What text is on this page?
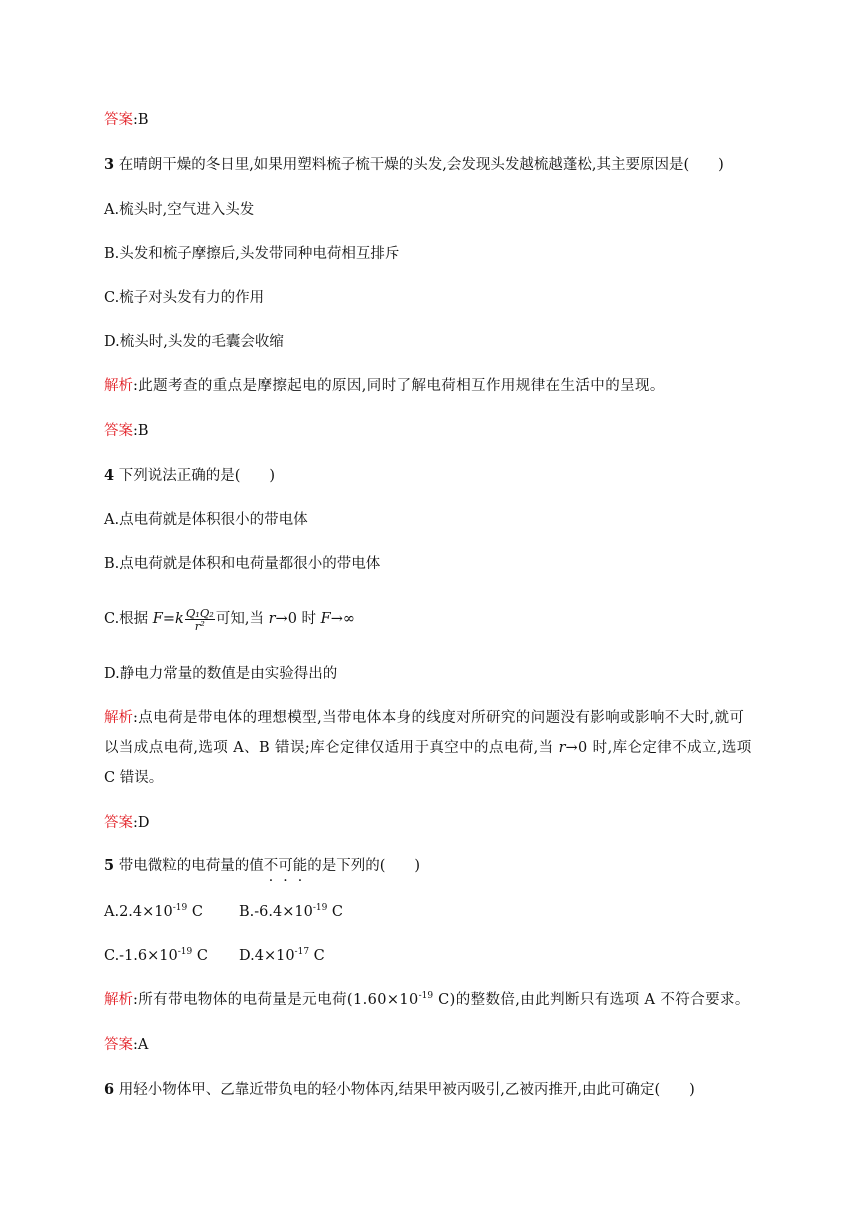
答案:B
3 在晴朗干燥的冬日里,如果用塑料梳子梳干燥的头发,会发现头发越梳越蓬松,其主要原因是(　　)
A.梳头时,空气进入头发
B.头发和梳子摩擦后,头发带同种电荷相互排斥
C.梳子对头发有力的作用
D.梳头时,头发的毛囊会收缩
解析:此题考查的重点是摩擦起电的原因,同时了解电荷相互作用规律在生活中的呈现。
答案:B
4 下列说法正确的是(　　)
A.点电荷就是体积很小的带电体
B.点电荷就是体积和电荷量都很小的带电体
C.根据 $F=k \frac{\text{Q₁Q₂}}{\text{r²}}$ 可知,当 r→0 时 F→∞
D.静电力常量的数值是由实验得出的
解析:点电荷是带电体的理想模型,当带电体本身的线度对所研究的问题没有影响或影响不大时,就可
以当成点电荷,选项 A、B 错误;库仑定律仅适用于真空中的点电荷,当 r→0 时,库仑定律不成立,选项
C 错误。
答案:D
5 带电微粒的电荷量的值不可能的是下列的(　　)
$A.2.4\times 10^{-19}$ C $B.-6.4\times 10^{-19}$ C
$C.-1.6\times 10^{-19}$ C $D.4\times 10^{-17}$ C
解析:所有带电物体的电荷量是元电荷($1.60\times 10^{-19}$ C)的整数倍,由此判断只有选项 A 不符合要求。
答案:A
6 用轻小物体甲、乙靠近带负电的轻小物体丙,结果甲被丙吸引,乙被丙推开,由此可确定(　　)
